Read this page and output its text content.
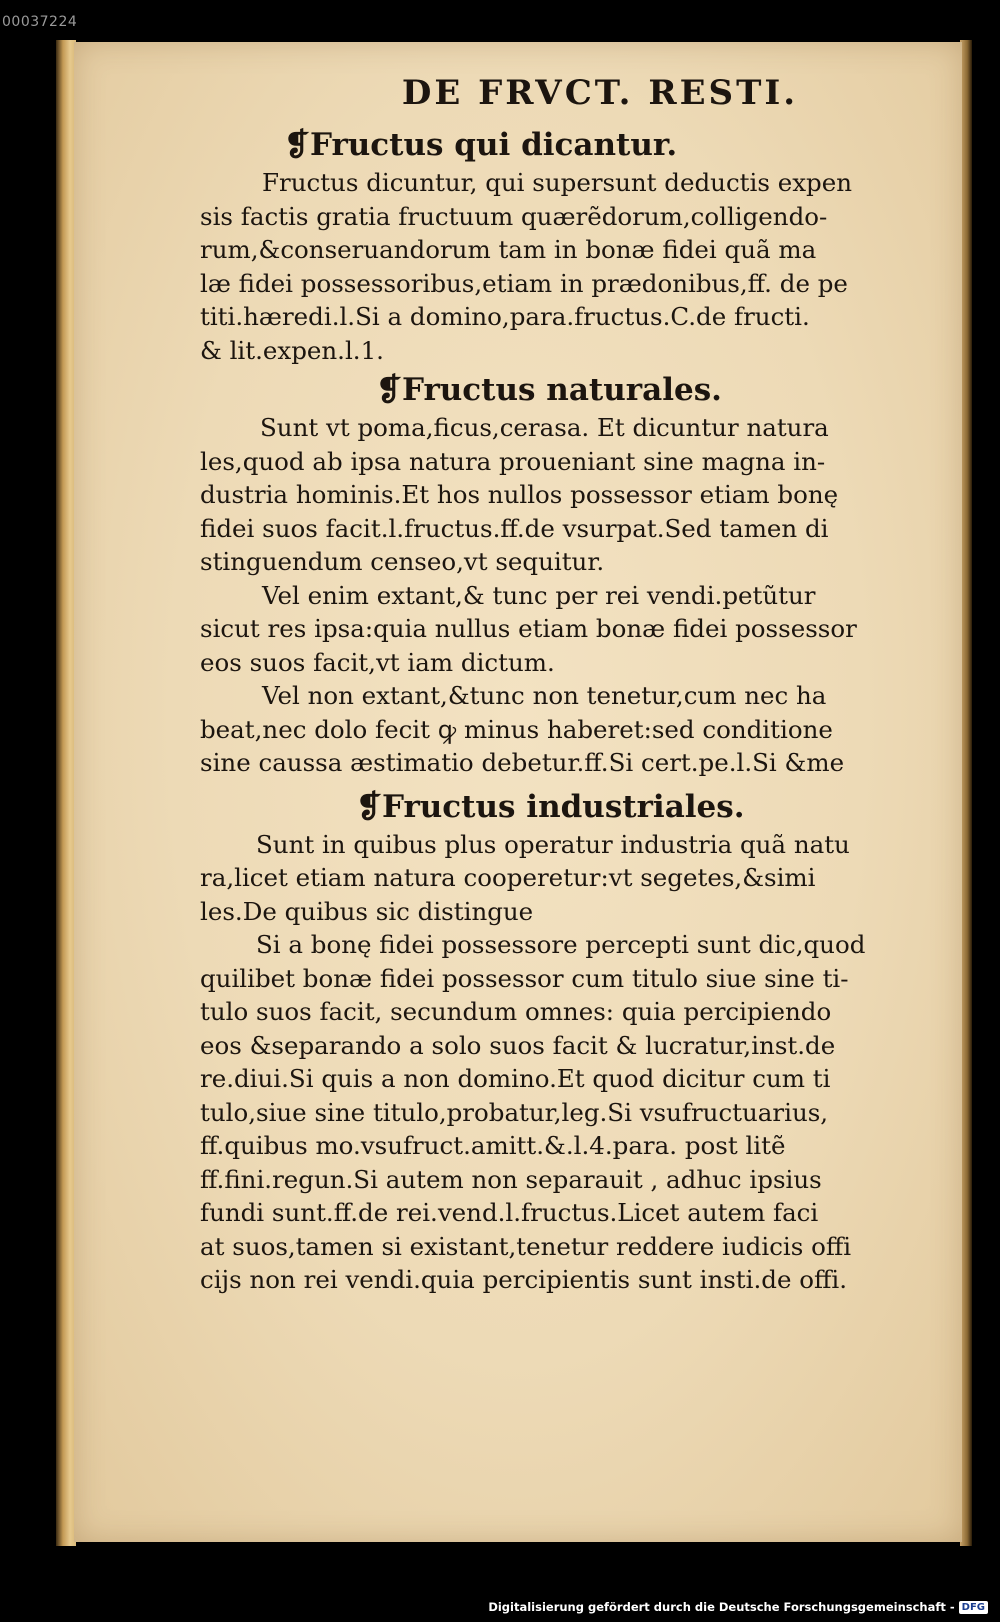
00037224
DE FRVCT. RESTI.
❡Fructus qui dicantur.
Fructus dicuntur, qui supersunt deductis expen
sis factis gratia fructuum quærẽdorum,colligendo-
rum,&conseruandorum tam in bonæ fidei quã ma
læ fidei possessoribus,etiam in prædonibus,ff. de pe
titi.hæredi.l.Si a domino,para.fructus.C.de fructi.
& lit.expen.l.1.
❡Fructus naturales.
Sunt vt poma,ficus,cerasa. Et dicuntur natura
les,quod ab ipsa natura proueniant sine magna in-
dustria hominis.Et hos nullos possessor etiam bonę
fidei suos facit.l.fructus.ff.de vsurpat.Sed tamen di
stinguendum censeo,vt sequitur.
Vel enim extant,& tunc per rei vendi.petũtur
sicut res ipsa:quia nullus etiam bonæ fidei possessor
eos suos facit,vt iam dictum.
Vel non extant,&tunc non tenetur,cum nec ha
beat,nec dolo fecit ꝙ minus haberet:sed conditione
sine caussa æstimatio debetur.ff.Si cert.pe.l.Si &me
❡Fructus industriales.
Sunt in quibus plus operatur industria quã natu
ra,licet etiam natura cooperetur:vt segetes,&simi
les.De quibus sic distingue
Si a bonę fidei possessore percepti sunt dic,quod
quilibet bonæ fidei possessor cum titulo siue sine ti-
tulo suos facit, secundum omnes: quia percipiendo
eos &separando a solo suos facit & lucratur,inst.de
re.diui.Si quis a non domino.Et quod dicitur cum ti
tulo,siue sine titulo,probatur,leg.Si vsufructuarius,
ff.quibus mo.vsufruct.amitt.&.l.4.para. post litẽ
ff.fini.regun.Si autem non separauit , adhuc ipsius
fundi sunt.ff.de rei.vend.l.fructus.Licet autem faci
at suos,tamen si existant,tenetur reddere iudicis offi
cijs non rei vendi.quia percipientis sunt insti.de offi.
Digitalisierung gefördert durch die Deutsche Forschungsgemeinschaft - DFG
